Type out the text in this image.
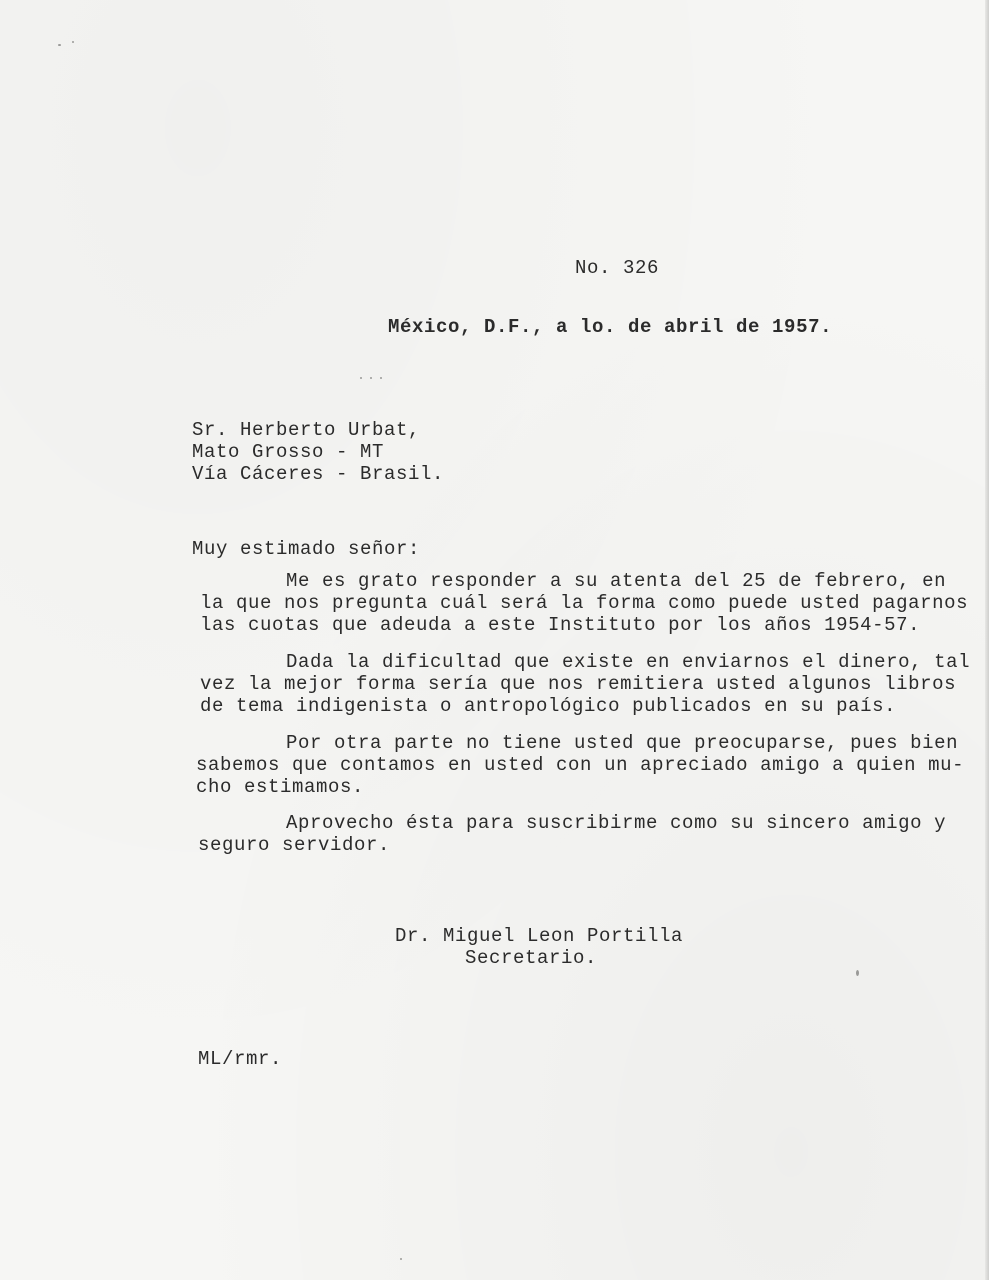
No. 326
México, D.F., a lo. de abril de 1957.
Sr. Herberto Urbat,
Mato Grosso - MT
Vía Cáceres - Brasil.
Muy estimado señor:
Me es grato responder a su atenta del 25 de febrero, en
la que nos pregunta cuál será la forma como puede usted pagarnos
las cuotas que adeuda a este Instituto por los años 1954-57.
Dada la dificultad que existe en enviarnos el dinero, tal
vez la mejor forma sería que nos remitiera usted algunos libros
de tema indigenista o antropológico publicados en su país.
Por otra parte no tiene usted que preocuparse, pues bien
sabemos que contamos en usted con un apreciado amigo a quien mu-
cho estimamos.
Aprovecho ésta para suscribirme como su sincero amigo y
seguro servidor.
Dr. Miguel Leon Portilla
Secretario.
ML/rmr.
